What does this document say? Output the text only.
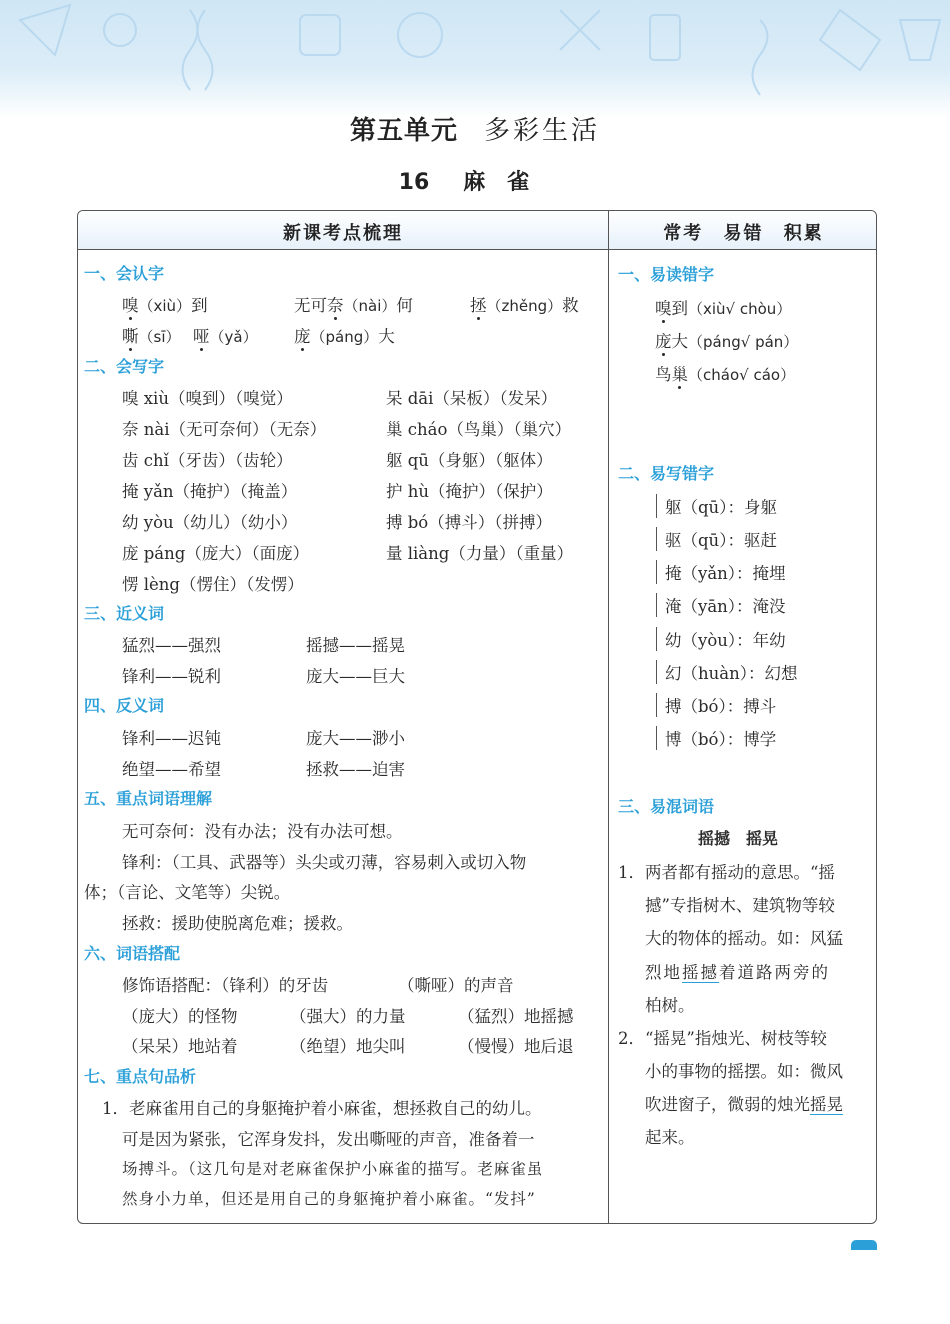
第五单元 多彩生活
16 麻雀
新课考点梳理	常考 易错 积累
一、会认字
嗅（xiù）到	无可奈（nài）何	拯（zhěng）救
嘶（sī） 哑（yǎ） 庞（páng）大
二、会写字
嗅 xiù（嗅到）（嗅觉）	呆 dāi（呆板）（发呆）
奈 nài（无可奈何）（无奈）	巢 cháo（鸟巢）（巢穴）
齿 chǐ（牙齿）（齿轮）	躯 qū（身躯）（躯体）
掩 yǎn（掩护）（掩盖）	护 hù（掩护）（保护）
幼 yòu（幼儿）（幼小）	搏 bó（搏斗）（拼搏）
庞 páng（庞大）（面庞）	量 liàng（力量）（重量）
愣 lèng（愣住）（发愣）
三、近义词
猛烈——强烈	摇撼——摇晃
锋利——锐利	庞大——巨大
四、反义词
锋利——迟钝	庞大——渺小
绝望——希望	拯救——迫害
五、重点词语理解
无可奈何：没有办法；没有办法可想。
锋利：（工具、武器等）头尖或刃薄，容易刺入或切入物
体；（言论、文笔等）尖锐。
拯救：援助使脱离危难；援救。
六、词语搭配
修饰语搭配：（锋利）的牙齿	（嘶哑）的声音
（庞大）的怪物	（强大）的力量	（猛烈）地摇撼
（呆呆）地站着	（绝望）地尖叫	（慢慢）地后退
七、重点句品析
1．老麻雀用自己的身躯掩护着小麻雀，想拯救自己的幼儿。
可是因为紧张，它浑身发抖，发出嘶哑的声音，准备着一
场搏斗。（这几句是对老麻雀保护小麻雀的描写。老麻雀虽
然身小力单，但还是用自己的身躯掩护着小麻雀。“发抖”
一、易读错字
嗅到（xiù√ chòu）
庞大（páng√ pán）
鸟巢（cháo√ cáo）
二、易写错字
躯（qū）：身躯
驱（qū）：驱赶
掩（yǎn）：掩埋
淹（yān）：淹没
幼（yòu）：年幼
幻（huàn）：幻想
搏（bó）：搏斗
博（bó）：博学
三、易混词语
摇撼　摇晃
1．两者都有摇动的意思。“摇
撼”专指树木、建筑物等较
大的物体的摇动。如：风猛
烈地摇撼着道路两旁的
柏树。
2．“摇晃”指烛光、树枝等较
小的事物的摇摆。如：微风
吹进窗子，微弱的烛光摇晃
起来。
